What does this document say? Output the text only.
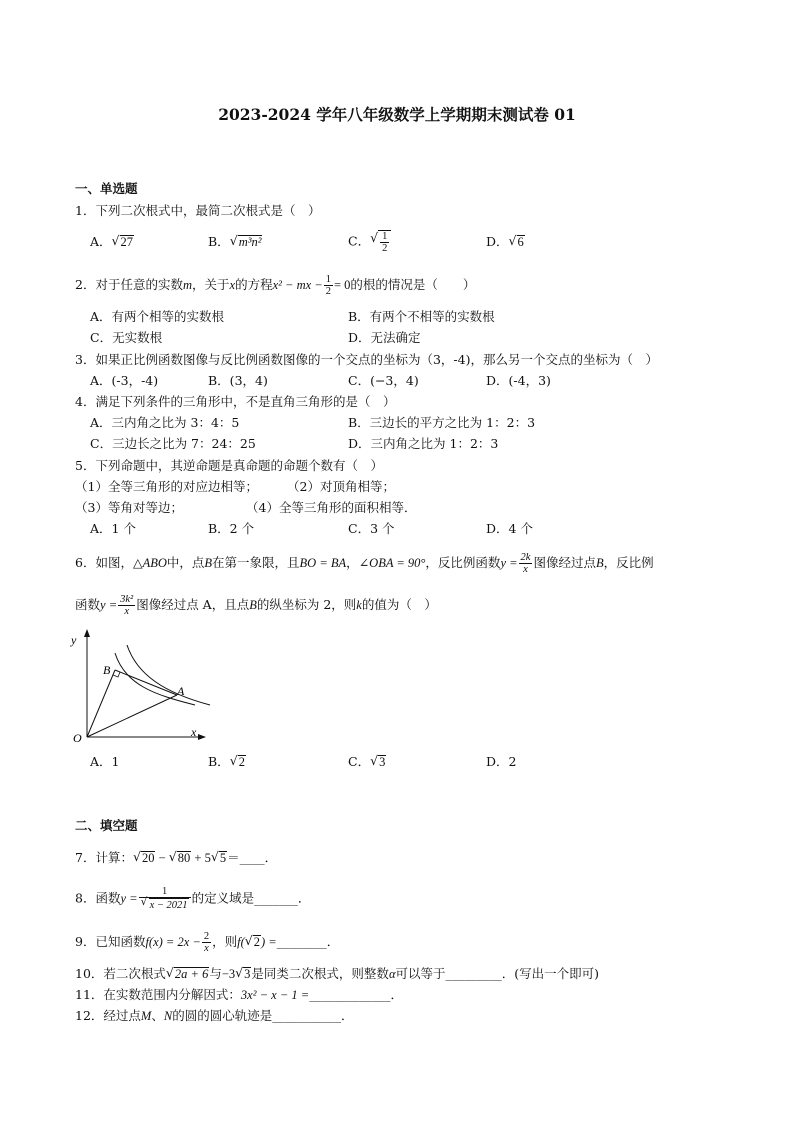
2023-2024 学年八年级数学上学期期末测试卷 01
一、单选题
1．下列二次根式中，最简二次根式是（　）
A． √ 27	B． √ m³n²	C． √ $\frac{1}{2}$	D． √ 6
2．对于任意的实数m，关于x的方程x² − mx − $\frac{1}{2} = 0$的根的情况是（　　）
A．有两个相等的实数根	B．有两个不相等的实数根
C．无实数根	D．无法确定
3．如果正比例函数图像与反比例函数图像的一个交点的坐标为（3，-4)，那么另一个交点的坐标为（　）
A．(-3，-4)	B．(3，4)	C．(−3，4)	D．(-4，3)
4．满足下列条件的三角形中，不是直角三角形的是（　）
A．三内角之比为 3：4：5	B．三边长的平方之比为 1：2：3
C．三边长之比为 7：24：25	D．三内角之比为 1：2：3
5．下列命题中，其逆命题是真命题的命题个数有（　）
（1）全等三角形的对应边相等； （2）对顶角相等；
（3）等角对等边；	（4）全等三角形的面积相等．
A．1 个	B．2 个	C．3 个	D．4 个
6．如图，△ABO中，点B在第一象限，且BO = BA，∠OBA = 90°，反比例函数$y = \frac{2k}{x}$ 图像经过点B，反比例
函数$y = \frac{\text{3k²}}{x}$ 图像经过点 A，且点B的纵坐标为 2，则k的值为（　）
y
x
O
B
A
A．1	B． √ 2	C． √ 3	D．2
二、填空题
7．计算： √ 20 − √ 80 + 5 √ 5＝____．
8．函数y = 1
√ x − 2021 的定义域是_______．
9．已知函数$f(x) = 2x - \frac{2}{x}$ ，则f( √ 2) =________．
10．若二次根式 √ 2a + 6与−3 √ 3是同类二次根式，则整数α可以等于_________．(写出一个即可)
11．在实数范围内分解因式：3x² − x − 1 =_____________．
12．经过点M、N的圆的圆心轨迹是___________．
